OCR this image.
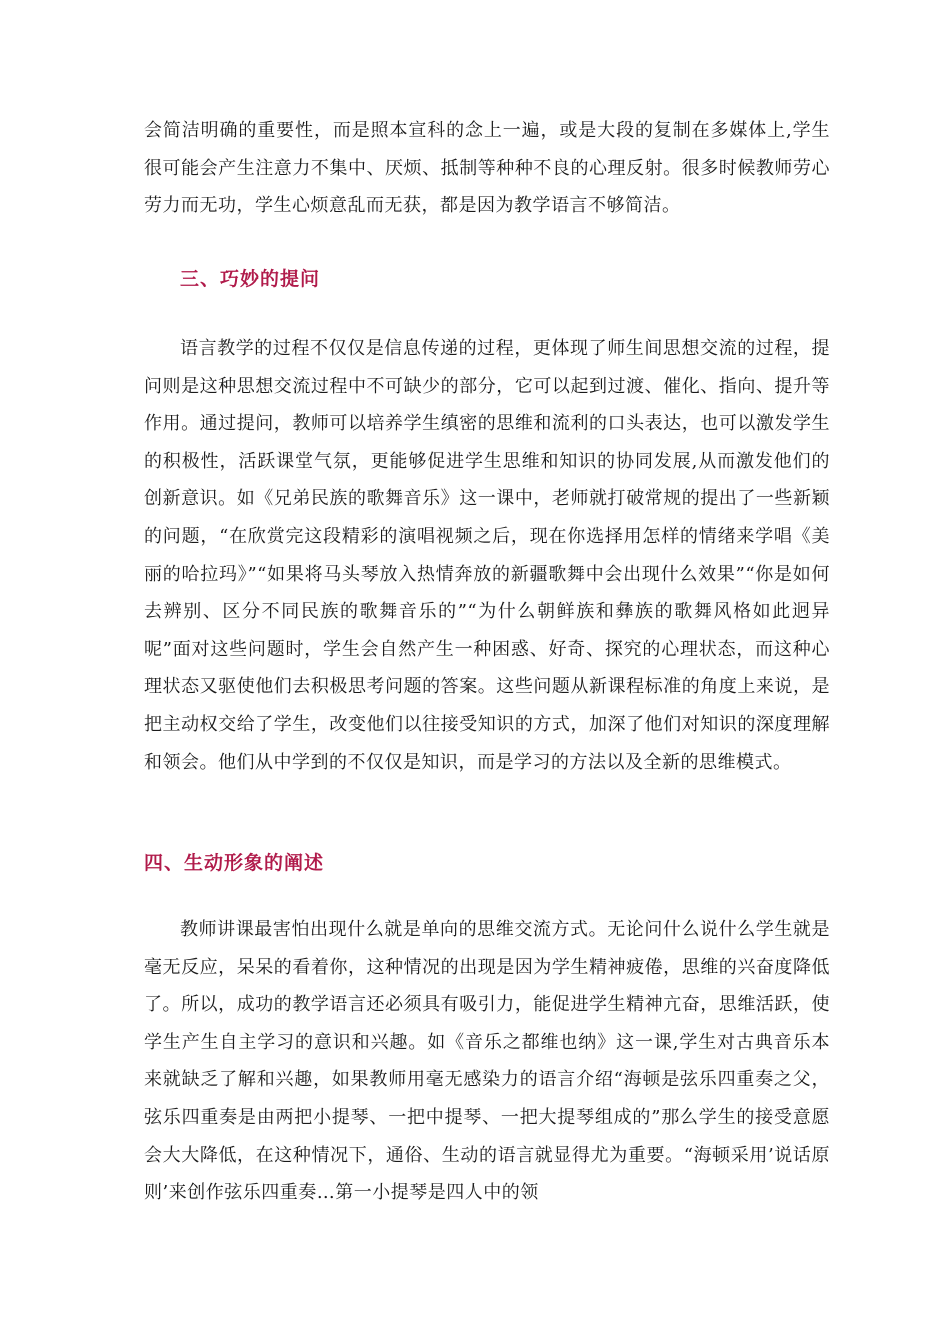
会简洁明确的重要性，而是照本宣科的念上一遍，或是大段的复制在多媒体上,学生很可能会产生注意力不集中、厌烦、抵制等种种不良的心理反射。很多时候教师劳心劳力而无功，学生心烦意乱而无获，都是因为教学语言不够简洁。

三、巧妙的提问

语言教学的过程不仅仅是信息传递的过程，更体现了师生间思想交流的过程，提问则是这种思想交流过程中不可缺少的部分，它可以起到过渡、催化、指向、提升等作用。通过提问，教师可以培养学生缜密的思维和流利的口头表达，也可以激发学生的积极性，活跃课堂气氛，更能够促进学生思维和知识的协同发展,从而激发他们的创新意识。如《兄弟民族的歌舞音乐》这一课中，老师就打破常规的提出了一些新颖的问题，“在欣赏完这段精彩的演唱视频之后，现在你选择用怎样的情绪来学唱《美丽的哈拉玛》”“如果将马头琴放入热情奔放的新疆歌舞中会出现什么效果”“你是如何去辨别、区分不同民族的歌舞音乐的”“为什么朝鲜族和彝族的歌舞风格如此迥异呢”面对这些问题时，学生会自然产生一种困惑、好奇、探究的心理状态，而这种心理状态又驱使他们去积极思考问题的答案。这些问题从新课程标准的角度上来说，是把主动权交给了学生，改变他们以往接受知识的方式，加深了他们对知识的深度理解和领会。他们从中学到的不仅仅是知识，而是学习的方法以及全新的思维模式。

四、生动形象的阐述

教师讲课最害怕出现什么就是单向的思维交流方式。无论问什么说什么学生就是毫无反应，呆呆的看着你，这种情况的出现是因为学生精神疲倦，思维的兴奋度降低了。所以，成功的教学语言还必须具有吸引力，能促进学生精神亢奋，思维活跃，使学生产生自主学习的意识和兴趣。如《音乐之都维也纳》这一课,学生对古典音乐本来就缺乏了解和兴趣，如果教师用毫无感染力的语言介绍“海顿是弦乐四重奏之父，弦乐四重奏是由两把小提琴、一把中提琴、一把大提琴组成的”那么学生的接受意愿会大大降低，在这种情况下，通俗、生动的语言就显得尤为重要。“海顿采用’说话原则’来创作弦乐四重奏…第一小提琴是四人中的领
